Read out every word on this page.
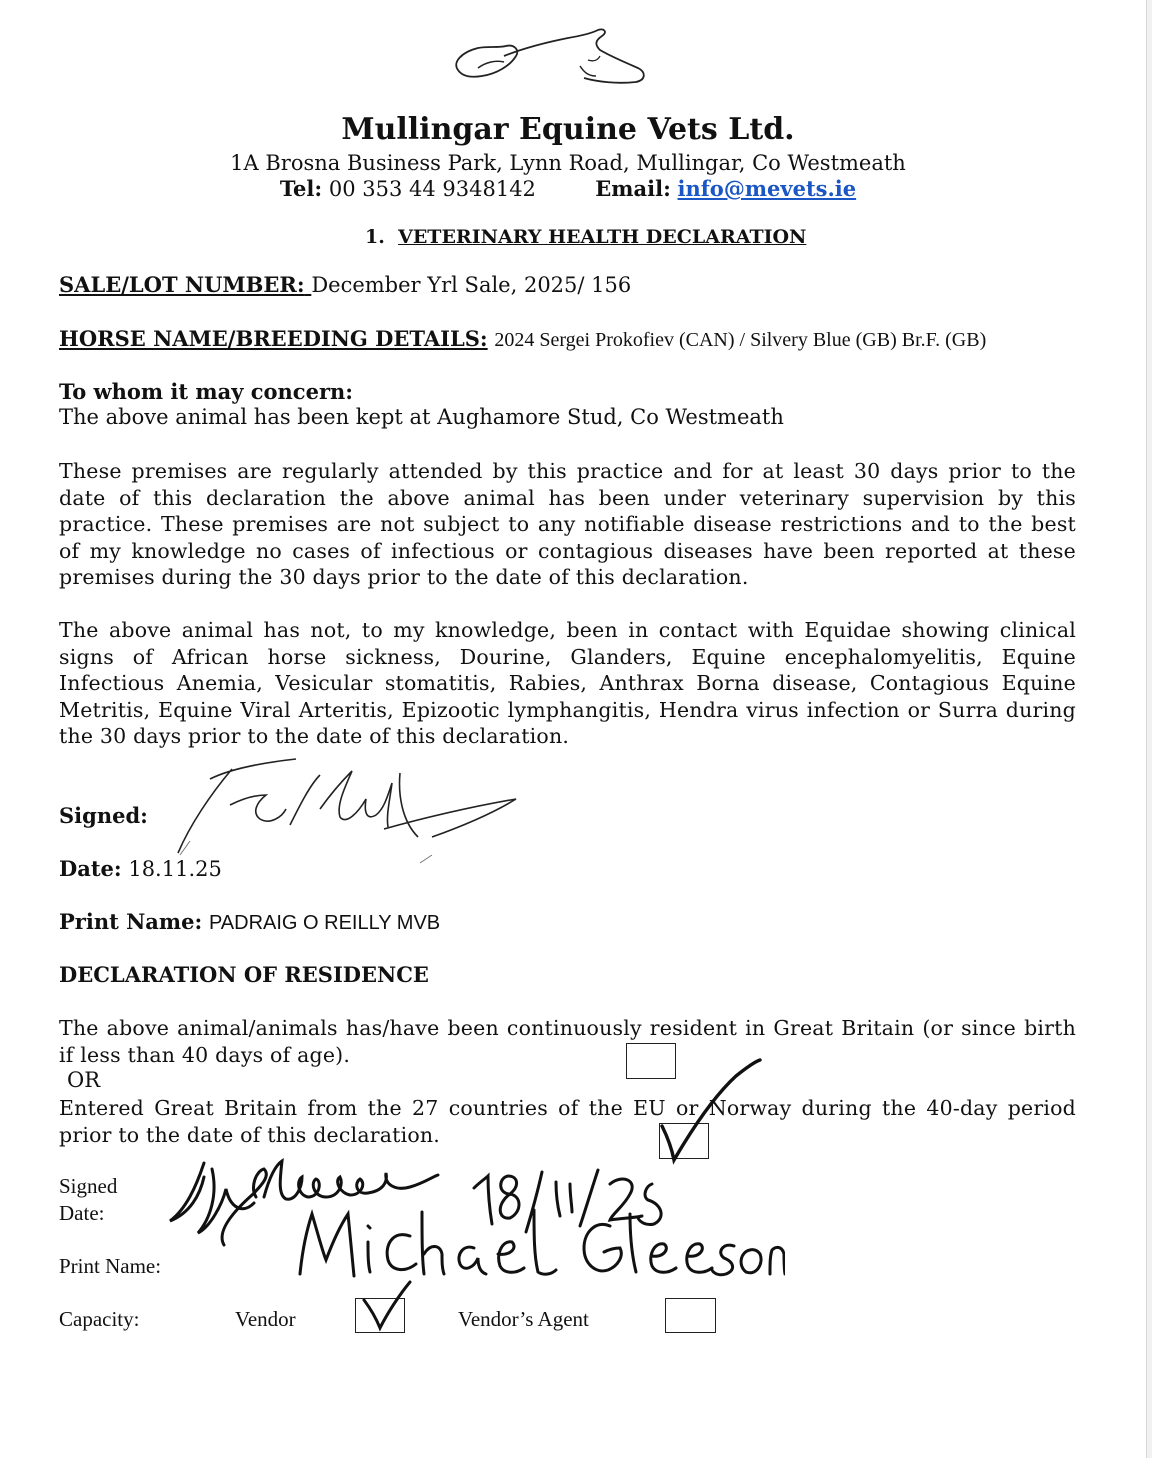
Mullingar Equine Vets Ltd.
1A Brosna Business Park, Lynn Road, Mullingar, Co Westmeath
Tel: 00 353 44 9348142	Email: info@mevets.ie
1. VETERINARY HEALTH DECLARATION
SALE/LOT NUMBER: December Yrl Sale, 2025/ 156
HORSE NAME/BREEDING DETAILS: 2024 Sergei Prokofiev (CAN) / Silvery Blue (GB) Br.F. (GB)
To whom it may concern:
The above animal has been kept at Aughamore Stud, Co Westmeath
These premises are regularly attended by this practice and for at least 30 days prior to the date of this declaration the above animal has been under veterinary supervision by this practice. These premises are not subject to any notifiable disease restrictions and to the best of my knowledge no cases of infectious or contagious diseases have been reported at these premises during the 30 days prior to the date of this declaration.
The above animal has not, to my knowledge, been in contact with Equidae showing clinical signs of African horse sickness, Dourine, Glanders, Equine encephalomyelitis, Equine Infectious Anemia, Vesicular stomatitis, Rabies, Anthrax Borna disease, Contagious Equine Metritis, Equine Viral Arteritis, Epizootic lymphangitis, Hendra virus infection or Surra during the 30 days prior to the date of this declaration.
Signed:
Date: 18.11.25
Print Name: PADRAIG O REILLY MVB
DECLARATION OF RESIDENCE
The above animal/animals has/have been continuously resident in Great Britain (or since birth if less than 40 days of age).
OR
Entered Great Britain from the 27 countries of the EU or Norway during the 40-day period prior to the date of this declaration.
Signed
Date:
Print Name:
Capacity:	Vendor	Vendor’s Agent
